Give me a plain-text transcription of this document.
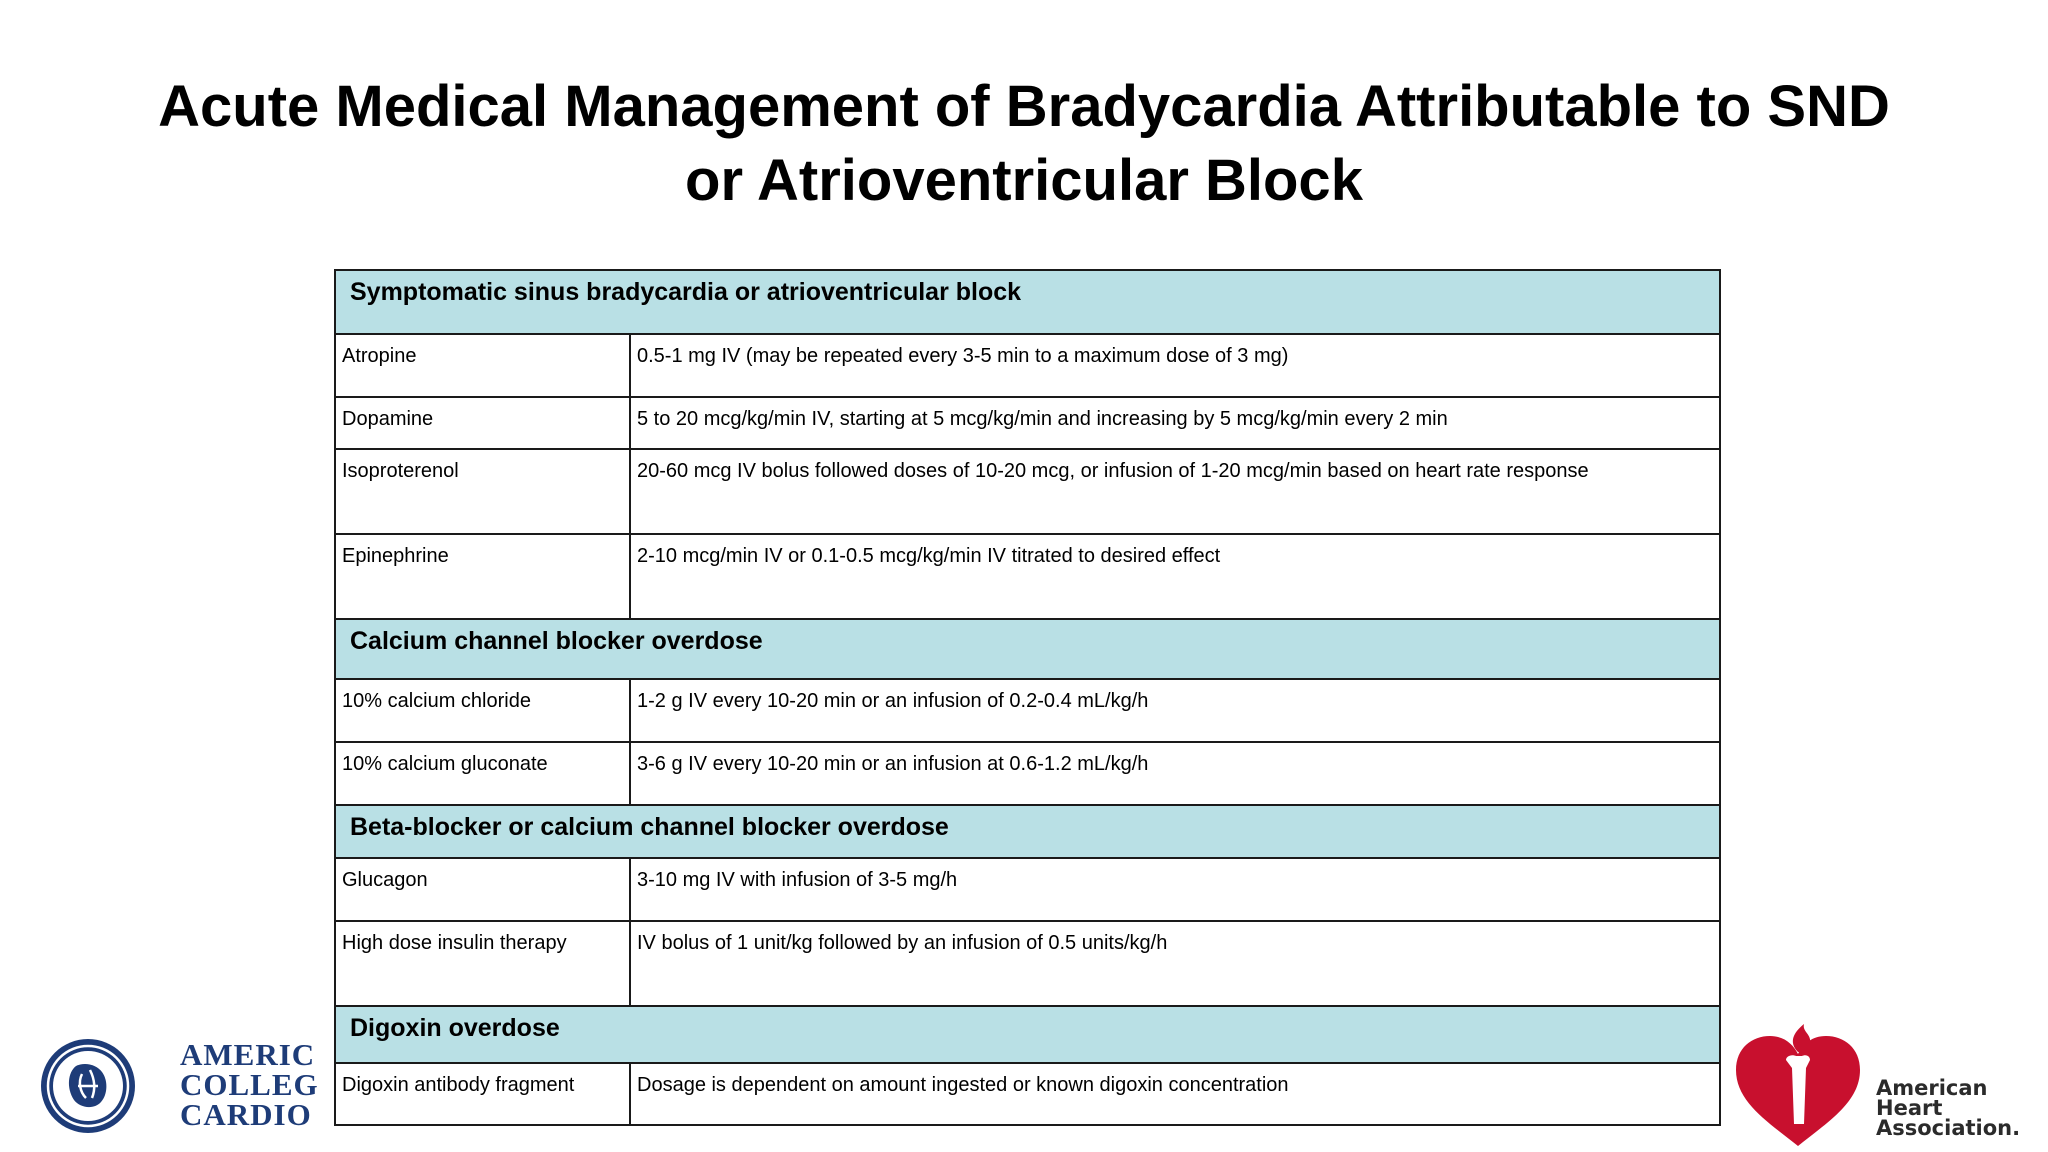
Acute Medical Management of Bradycardia Attributable to SND
or Atrioventricular Block
Symptomatic sinus bradycardia or atrioventricular block	
Atropine	0.5-1 mg IV (may be repeated every 3-5 min to a maximum dose of 3 mg)
Dopamine	5 to 20 mcg/kg/min IV, starting at 5 mcg/kg/min and increasing by 5 mcg/kg/min every 2 min
Isoproterenol	20-60 mcg IV bolus followed doses of 10-20 mcg, or infusion of 1-20 mcg/min based on heart rate response
Epinephrine	2-10 mcg/min IV or 0.1-0.5 mcg/kg/min IV titrated to desired effect
Calcium channel blocker overdose	
10% calcium chloride	1-2 g IV every 10-20 min or an infusion of 0.2-0.4 mL/kg/h
10% calcium gluconate	3-6 g IV every 10-20 min or an infusion at 0.6-1.2 mL/kg/h
Beta-blocker or calcium channel blocker overdose	
Glucagon	3-10 mg IV with infusion of 3-5 mg/h
High dose insulin therapy	IV bolus of 1 unit/kg followed by an infusion of 0.5 units/kg/h
Digoxin overdose	
Digoxin antibody fragment	Dosage is dependent on amount ingested or known digoxin concentration
AMERIC
COLLEG
CARDIO
American
Heart
Association.
